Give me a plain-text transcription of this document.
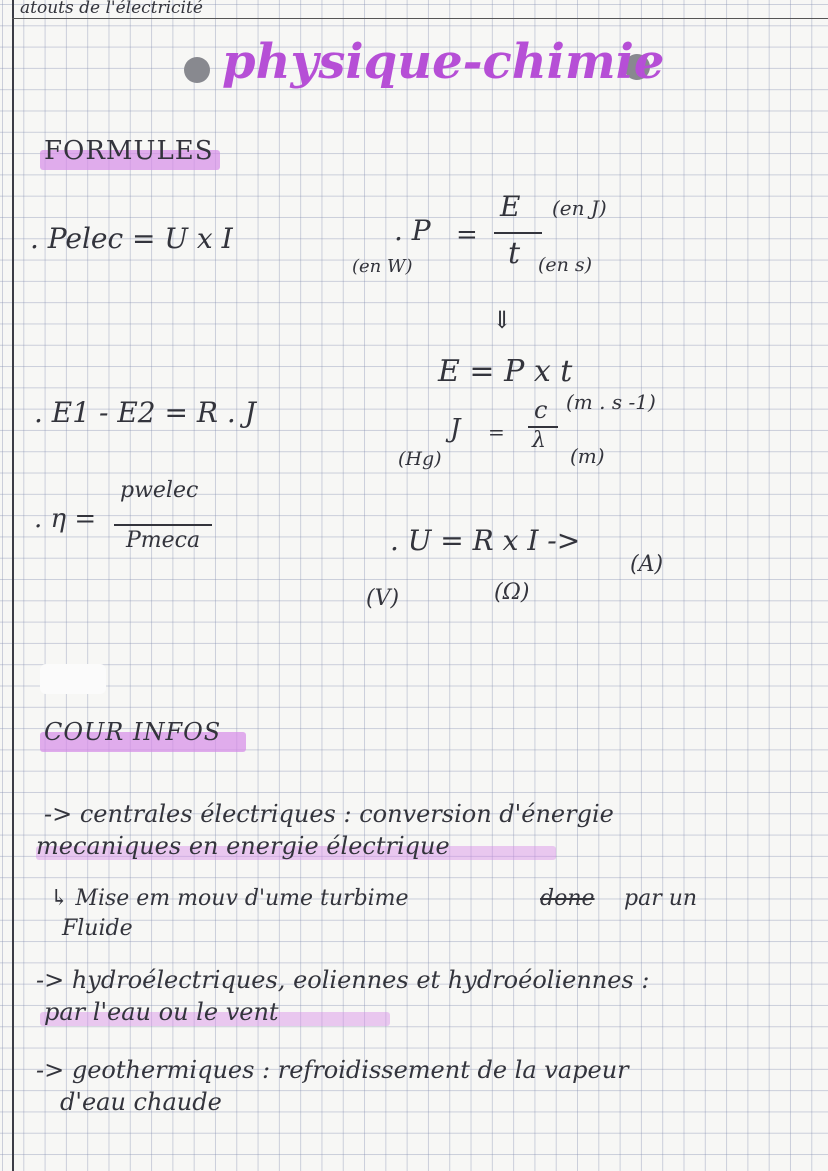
atouts de l'électricité
physique-chimie
FORMULES
. Pelec = U x I	. P
(en W)
=
E (en J)
t (en s)
⇓
E = P x t
. E1 - E2 = R . J	J
(Hg)
=
c (m . s -1)
λ
(m)
. η =
pwelec
Pmeca	. U = R x I ->
(A)
(V)	(Ω)
COUR INFOS
-> centrales électriques : conversion d'énergie
mecaniques en energie électrique
↳ Mise em mouv d'ume turbime	done par un
Fluide
-> hydroélectriques, eoliennes et hydroéoliennes :
par l'eau ou le vent
-> geothermiques : refroidissement de la vapeur
d'eau chaude
